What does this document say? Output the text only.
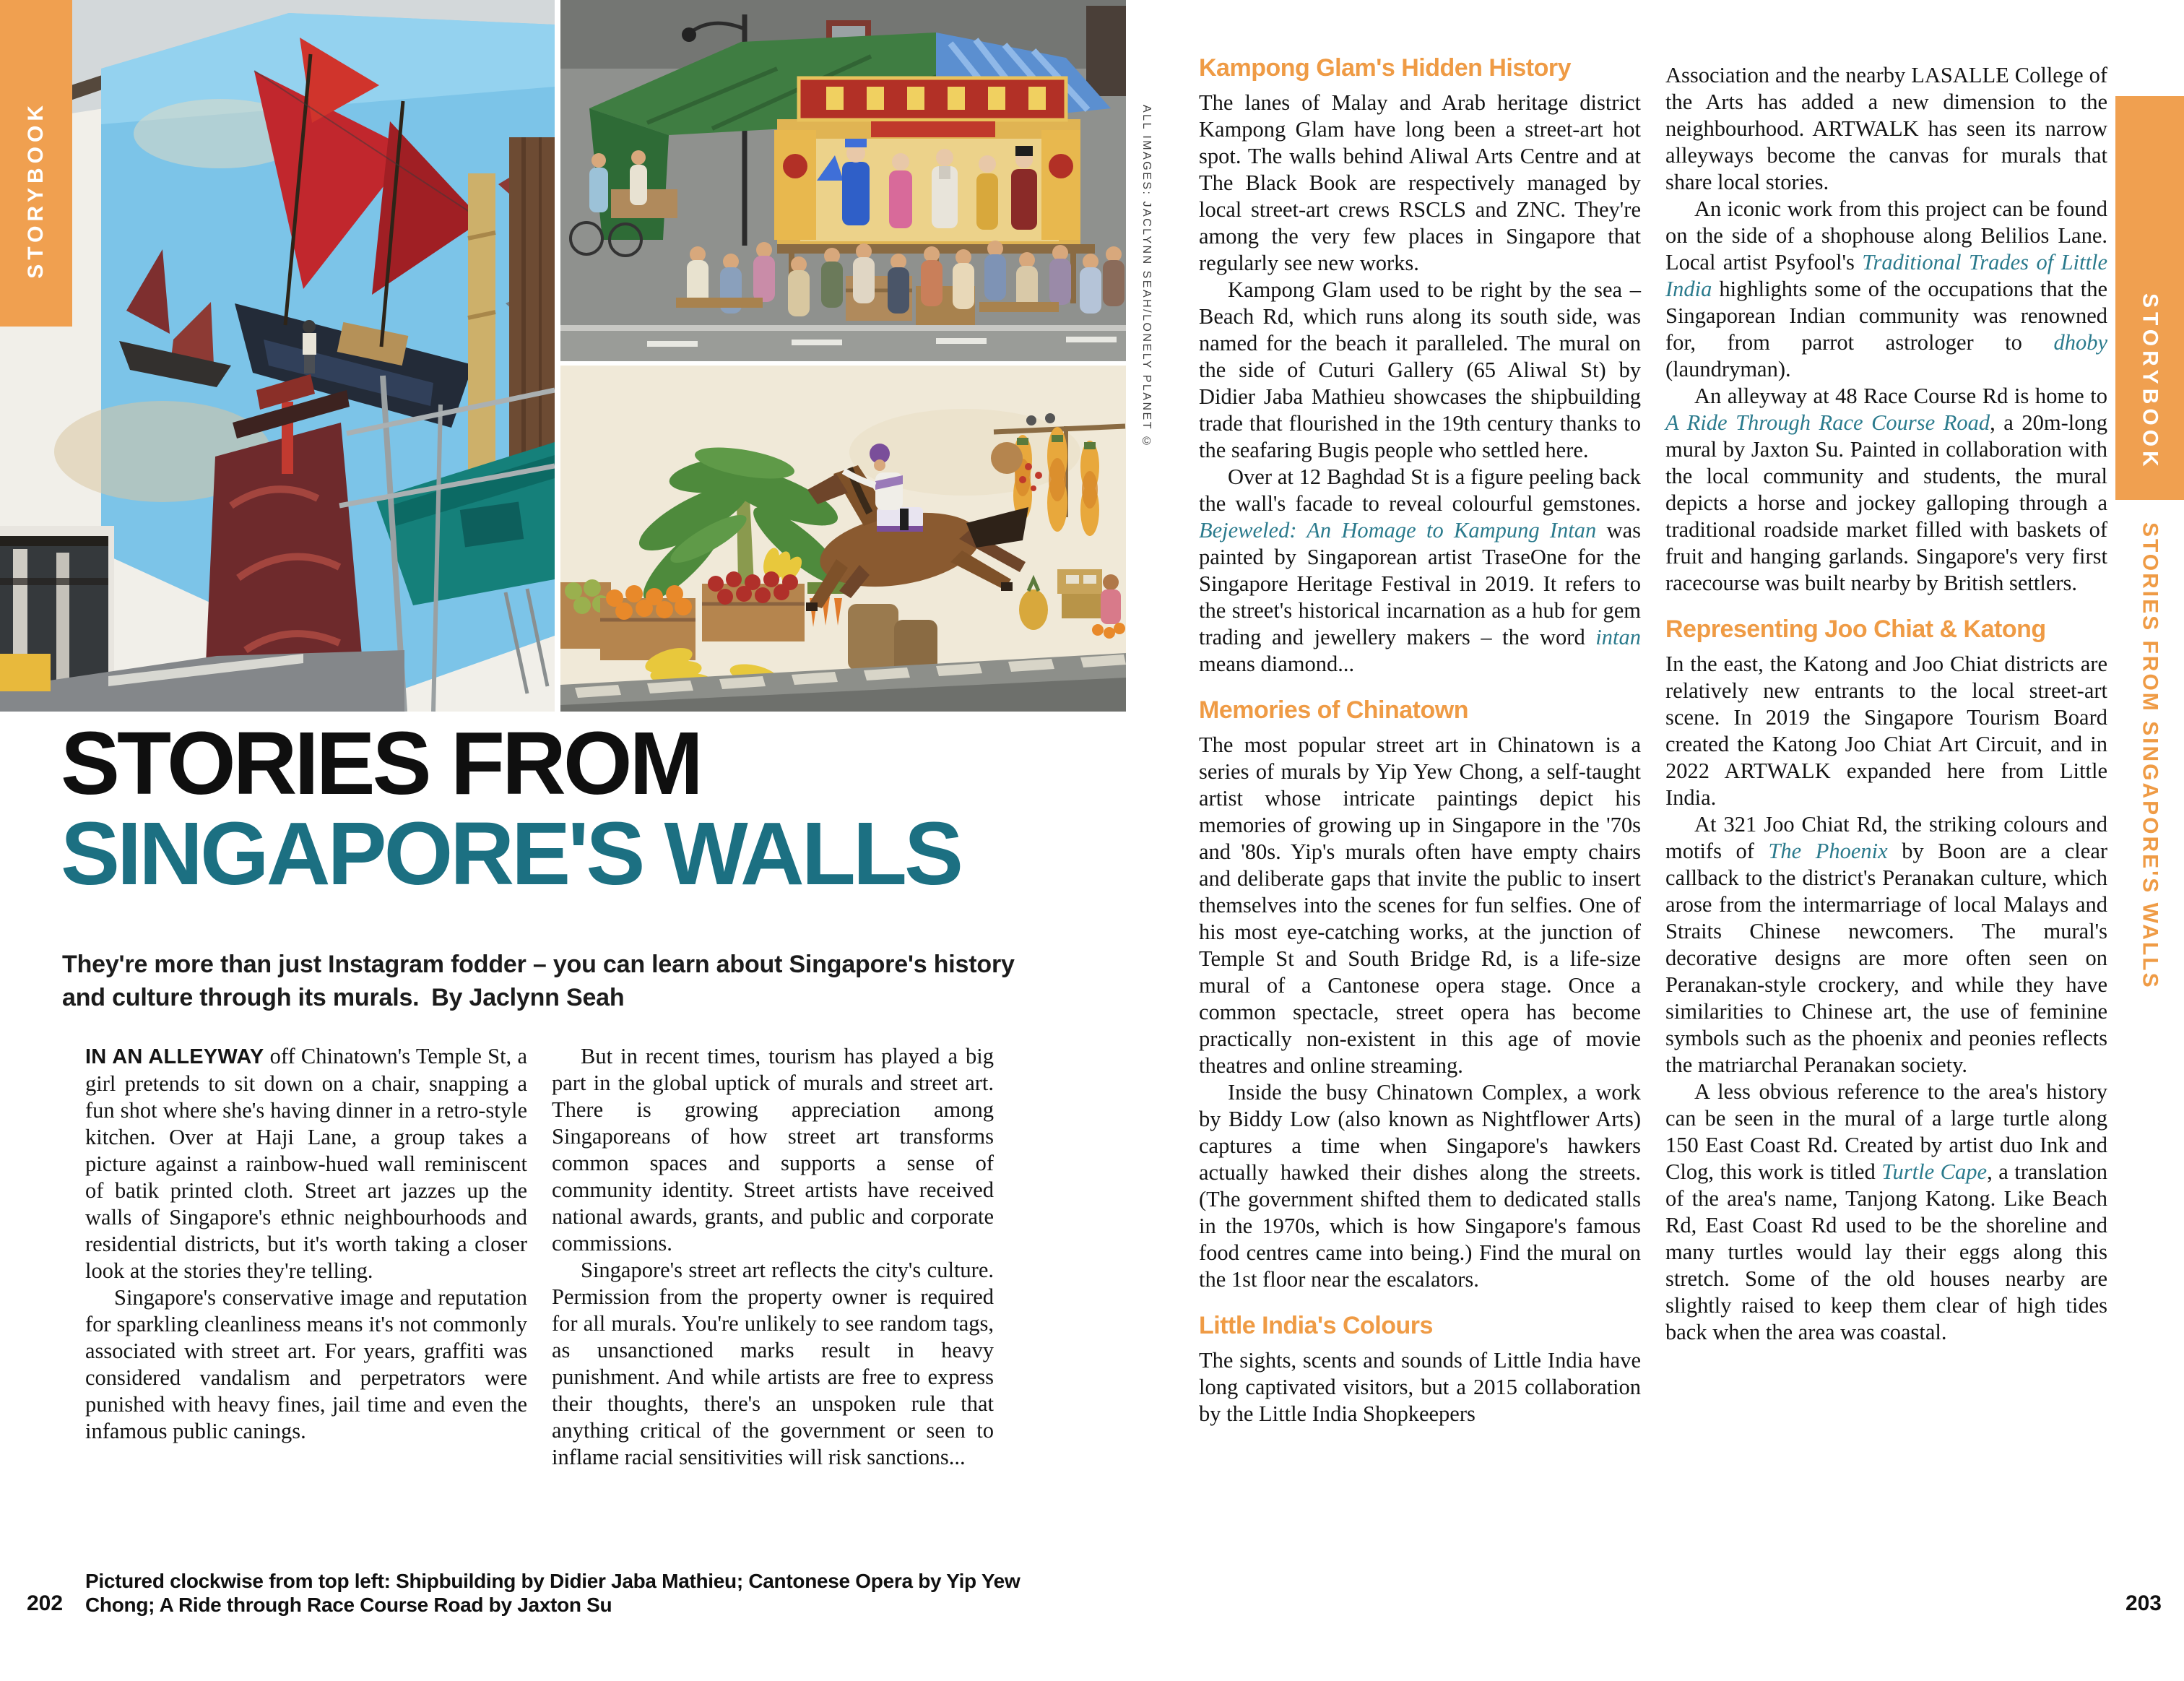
STORYBOOK
STORYBOOK
STORIES FROM SINGAPORE'S WALLS
ALL IMAGES: JACLYNN SEAH/LONELY PLANET ©
STORIES FROM
SINGAPORE'S WALLS
They're more than just Instagram fodder – you can learn about Singapore's history and culture through its murals. By Jaclynn Seah

IN AN ALLEYWAY off Chinatown's Temple St, a girl pretends to sit down on a chair, snapping a fun shot where she's having dinner in a retro-style kitchen. Over at Haji Lane, a group takes a picture against a rainbow-hued wall reminiscent of batik printed cloth. Street art jazzes up the walls of Singapore's ethnic neighbourhoods and residential districts, but it's worth taking a closer look at the stories they're telling.

Singapore's conservative image and reputation for sparkling cleanliness means it's not commonly associated with street art. For years, graffiti was considered vandalism and perpetrators were punished with heavy fines, jail time and even the infamous public canings.

But in recent times, tourism has played a big part in the global uptick of murals and street art. There is growing appreciation among Singaporeans of how street art transforms common spaces and supports a sense of community identity. Street artists have received national awards, grants, and public and corporate commissions.

Singapore's street art reflects the city's culture. Permission from the property owner is required for all murals. You're unlikely to see random tags, as unsanctioned marks result in heavy punishment. And while artists are free to express their thoughts, there's an unspoken rule that anything critical of the government or seen to inflame racial sensitivities will risk sanctions...

Kampong Glam's Hidden History

The lanes of Malay and Arab heritage district Kampong Glam have long been a street-art hot spot. The walls behind Aliwal Arts Centre and at The Black Book are respectively managed by local street-art crews RSCLS and ZNC. They're among the very few places in Singapore that regularly see new works.

Kampong Glam used to be right by the sea – Beach Rd, which runs along its south side, was named for the beach it paralleled. The mural on the side of Cuturi Gallery (65 Aliwal St) by Didier Jaba Mathieu showcases the shipbuilding trade that flourished in the 19th century thanks to the seafaring Bugis people who settled here.

Over at 12 Baghdad St is a figure peeling back the wall's facade to reveal colourful gemstones. Bejeweled: An Homage to Kampung Intan was painted by Singaporean artist TraseOne for the Singapore Heritage Festival in 2019. It refers to the street's historical incarnation as a hub for gem trading and jewellery makers – the word intan means diamond...

Memories of Chinatown

The most popular street art in Chinatown is a series of murals by Yip Yew Chong, a self-taught artist whose intricate paintings depict his memories of growing up in Singapore in the '70s and '80s. Yip's murals often have empty chairs and deliberate gaps that invite the public to insert themselves into the scenes for fun selfies. One of his most eye-catching works, at the junction of Temple St and South Bridge Rd, is a life-size mural of a Cantonese opera stage. Once a common spectacle, street opera has become practically non-existent in this age of movie theatres and online streaming.

Inside the busy Chinatown Complex, a work by Biddy Low (also known as Nightflower Arts) captures a time when Singapore's hawkers actually hawked their dishes along the streets. (The government shifted them to dedicated stalls in the 1970s, which is how Singapore's famous food centres came into being.) Find the mural on the 1st floor near the escalators.

Little India's Colours

The sights, scents and sounds of Little India have long captivated visitors, but a 2015 collaboration by the Little India Shopkeepers

Association and the nearby LASALLE College of the Arts has added a new dimension to the neighbourhood. ARTWALK has seen its narrow alleyways become the canvas for murals that share local stories.

An iconic work from this project can be found on the side of a shophouse along Belilios Lane. Local artist Psyfool's Traditional Trades of Little India highlights some of the occupations that the Singaporean Indian community was renowned for, from parrot astrologer to dhoby (laundryman).

An alleyway at 48 Race Course Rd is home to A Ride Through Race Course Road, a 20m-long mural by Jaxton Su. Painted in collaboration with the local community and students, the mural depicts a horse and jockey galloping through a traditional roadside market filled with baskets of fruit and hanging garlands. Singapore's very first racecourse was built nearby by British settlers.

Representing Joo Chiat & Katong

In the east, the Katong and Joo Chiat districts are relatively new entrants to the local street-art scene. In 2019 the Singapore Tourism Board created the Katong Joo Chiat Art Circuit, and in 2022 ARTWALK expanded here from Little India.

At 321 Joo Chiat Rd, the striking colours and motifs of The Phoenix by Boon are a clear callback to the district's Peranakan culture, which arose from the intermarriage of local Malays and Straits Chinese newcomers. The mural's decorative designs are more often seen on Peranakan-style crockery, and while they have similarities to Chinese art, the use of feminine symbols such as the phoenix and peonies reflects the matriarchal Peranakan society.

A less obvious reference to the area's history can be seen in the mural of a large turtle along 150 East Coast Rd. Created by artist duo Ink and Clog, this work is titled Turtle Cape, a translation of the area's name, Tanjong Katong. Like Beach Rd, East Coast Rd used to be the shoreline and many turtles would lay their eggs along this stretch. Some of the old houses nearby are slightly raised to keep them clear of high tides back when the area was coastal.

Pictured clockwise from top left: Shipbuilding by Didier Jaba Mathieu; Cantonese Opera by Yip Yew Chong; A Ride through Race Course Road by Jaxton Su
202	203
